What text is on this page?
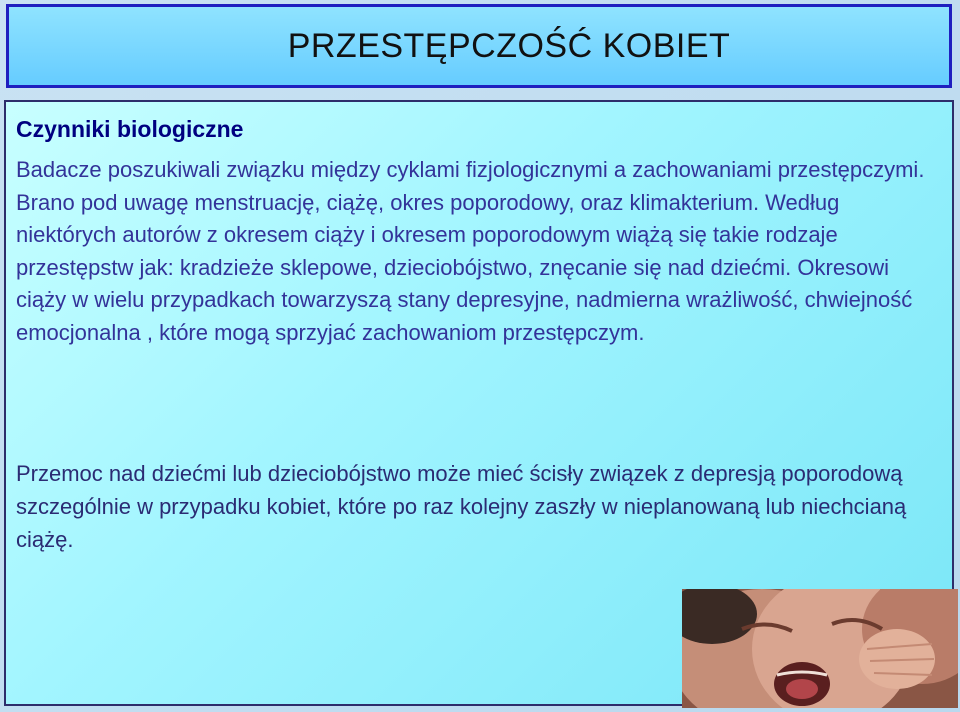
PRZESTĘPCZOŚĆ KOBIET
Czynniki biologiczne

Badacze poszukiwali związku między cyklami fizjologicznymi a zachowaniami przestępczymi. Brano pod uwagę menstruację, ciążę, okres poporodowy, oraz klimakterium. Według niektórych autorów z okresem ciąży i okresem poporodowym wiążą się takie rodzaje przestępstw jak: kradzieże sklepowe, dzieciobójstwo, znęcanie się nad dziećmi. Okresowi ciąży w wielu przypadkach towarzyszą stany depresyjne, nadmierna wrażliwość, chwiejność emocjonalna , które mogą sprzyjać zachowaniom przestępczym.

Przemoc nad dziećmi lub dzieciobójstwo może mieć ścisły związek z depresją poporodową szczególnie w przypadku kobiet, które po raz kolejny zaszły w nieplanowaną lub niechcianą ciążę.
